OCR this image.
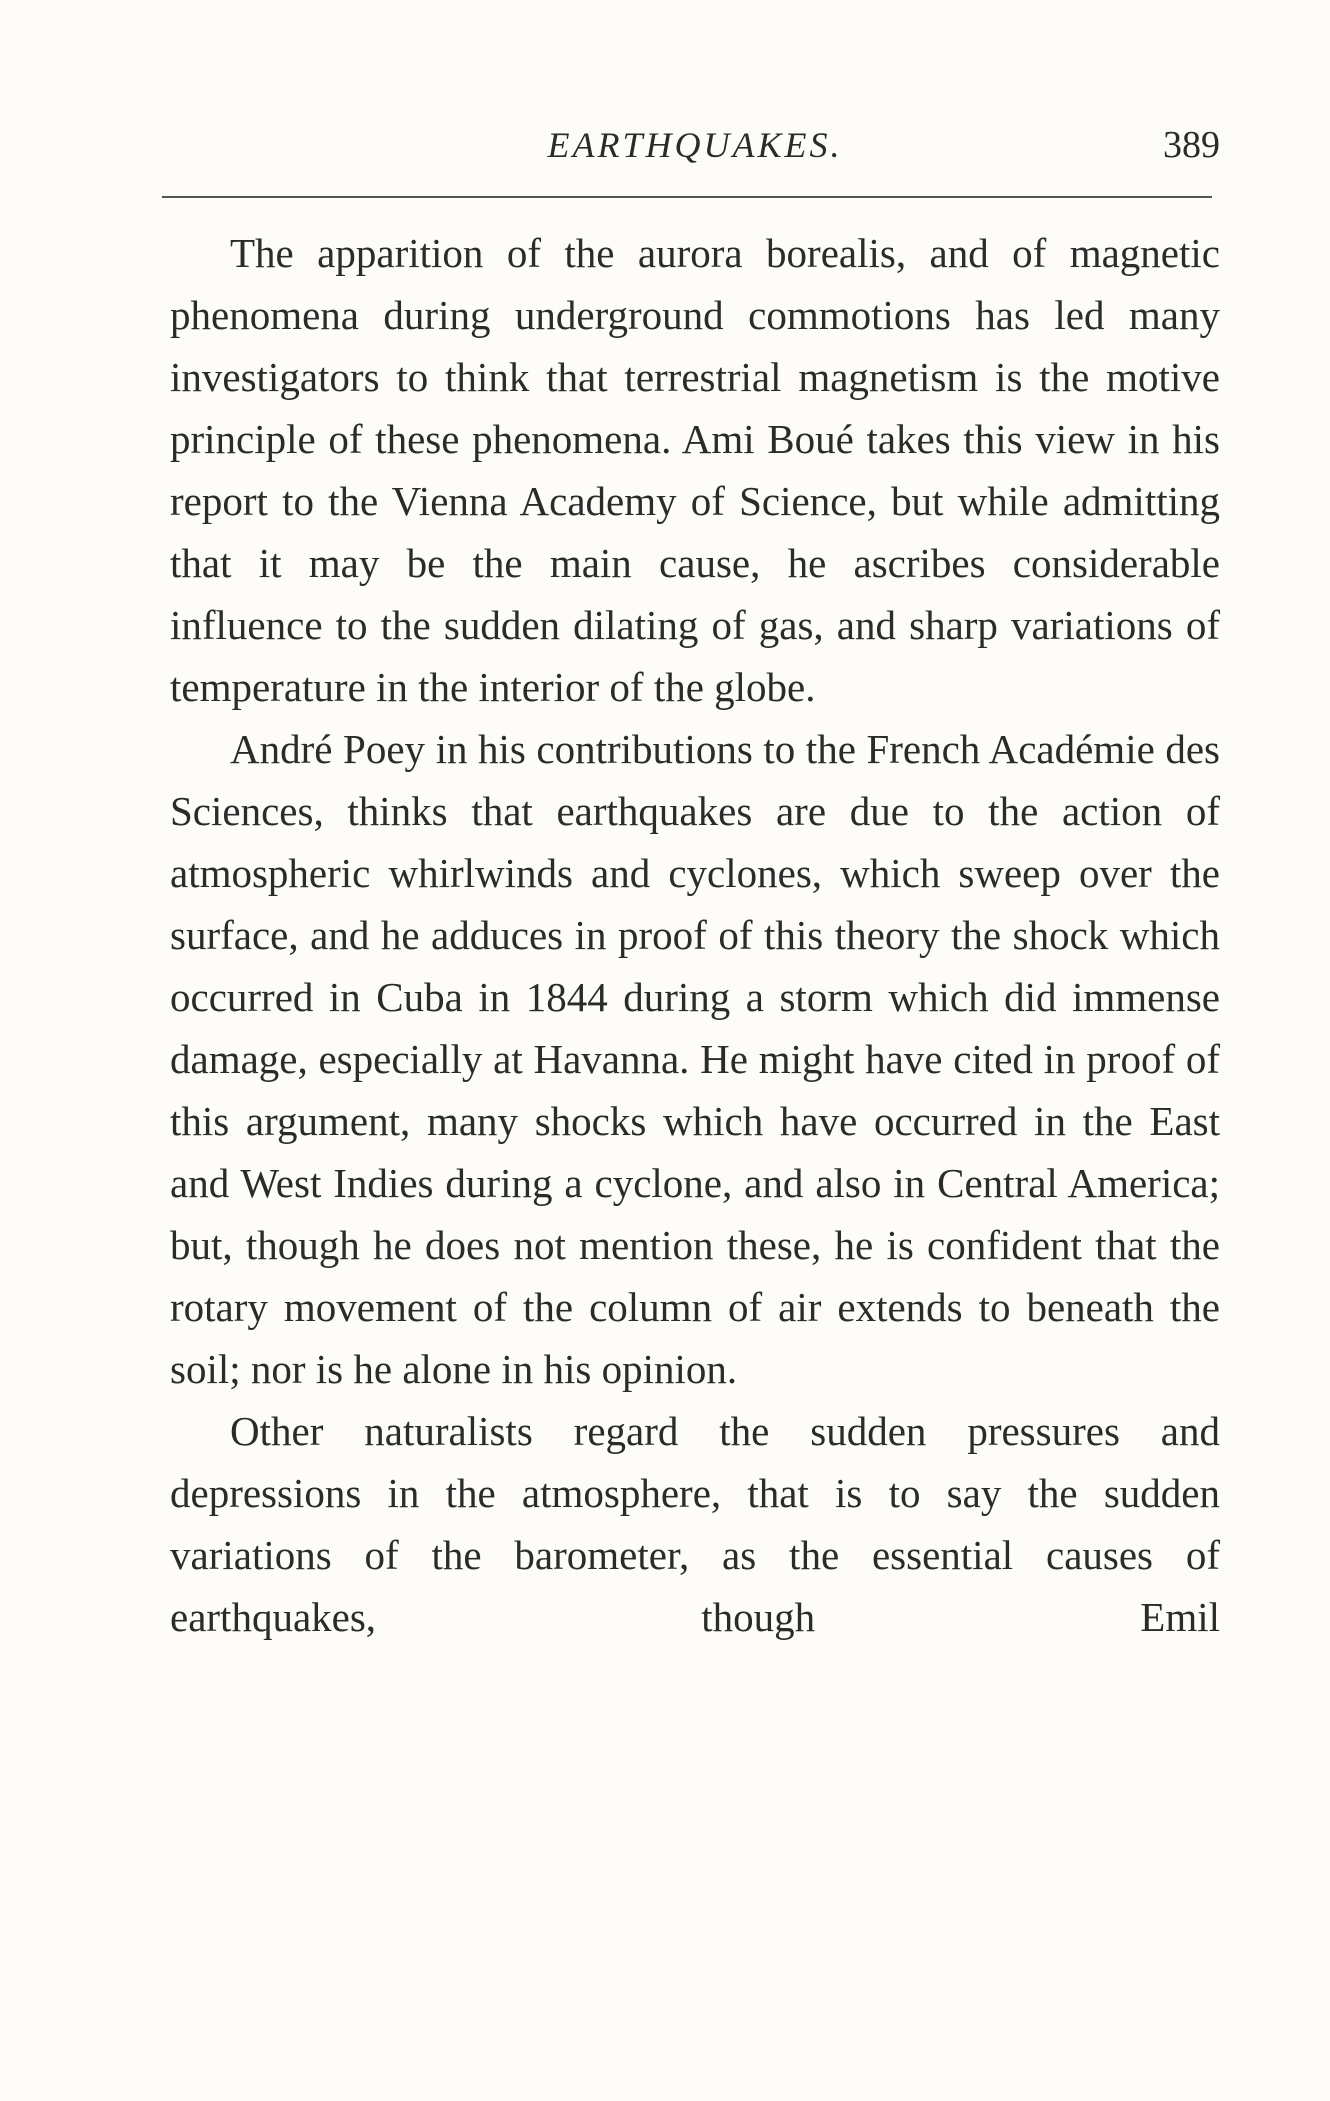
EARTHQUAKES.	389

The apparition of the aurora borealis, and of magnetic phenomena during underground commotions has led many investigators to think that terrestrial magnetism is the motive principle of these phenomena. Ami Boué takes this view in his report to the Vienna Academy of Science, but while admitting that it may be the main cause, he ascribes considerable influence to the sudden dilating of gas, and sharp variations of temperature in the interior of the globe.

André Poey in his contributions to the French Académie des Sciences, thinks that earthquakes are due to the action of atmospheric whirlwinds and cyclones, which sweep over the surface, and he adduces in proof of this theory the shock which occurred in Cuba in 1844 during a storm which did immense damage, especially at Havanna. He might have cited in proof of this argument, many shocks which have occurred in the East and West Indies during a cyclone, and also in Central America; but, though he does not mention these, he is confident that the rotary movement of the column of air extends to beneath the soil; nor is he alone in his opinion.

Other naturalists regard the sudden pressures and depressions in the atmosphere, that is to say the sudden variations of the barometer, as the essential causes of earthquakes, though Emil
